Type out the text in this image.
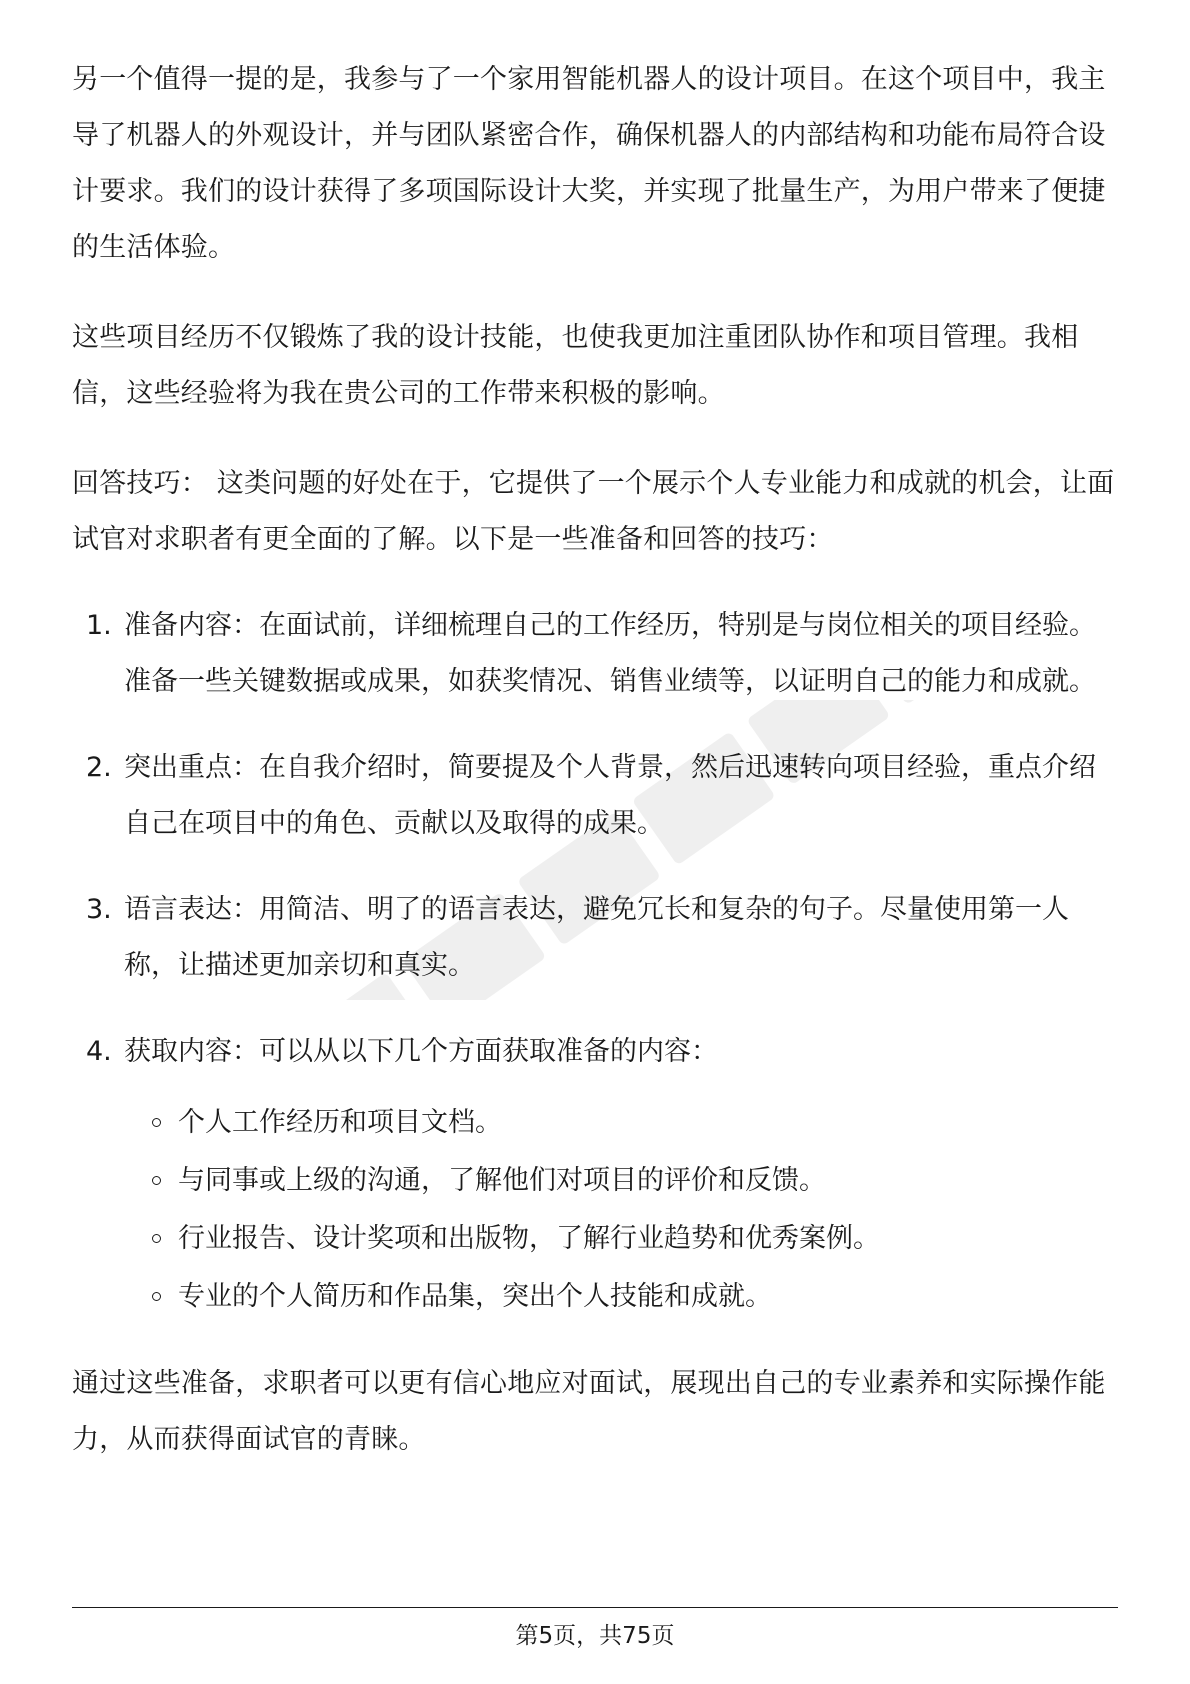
另一个值得一提的是，我参与了一个家用智能机器人的设计项目。在这个项目中，我主导了机器人的外观设计，并与团队紧密合作，确保机器人的内部结构和功能布局符合设计要求。我们的设计获得了多项国际设计大奖，并实现了批量生产，为用户带来了便捷的生活体验。

这些项目经历不仅锻炼了我的设计技能，也使我更加注重团队协作和项目管理。我相信，这些经验将为我在贵公司的工作带来积极的影响。

回答技巧： 这类问题的好处在于，它提供了一个展示个人专业能力和成就的机会，让面试官对求职者有更全面的了解。以下是一些准备和回答的技巧：

1. 准备内容：在面试前，详细梳理自己的工作经历，特别是与岗位相关的项目经验。准备一些关键数据或成果，如获奖情况、销售业绩等，以证明自己的能力和成就。
2. 突出重点：在自我介绍时，简要提及个人背景，然后迅速转向项目经验，重点介绍自己在项目中的角色、贡献以及取得的成果。
3. 语言表达：用简洁、明了的语言表达，避免冗长和复杂的句子。尽量使用第一人称，让描述更加亲切和真实。
4. 获取内容：可以从以下几个方面获取准备的内容：
个人工作经历和项目文档。
与同事或上级的沟通，了解他们对项目的评价和反馈。
行业报告、设计奖项和出版物，了解行业趋势和优秀案例。
专业的个人简历和作品集，突出个人技能和成就。

通过这些准备，求职者可以更有信心地应对面试，展现出自己的专业素养和实际操作能力，从而获得面试官的青睐。

第5页，共75页
